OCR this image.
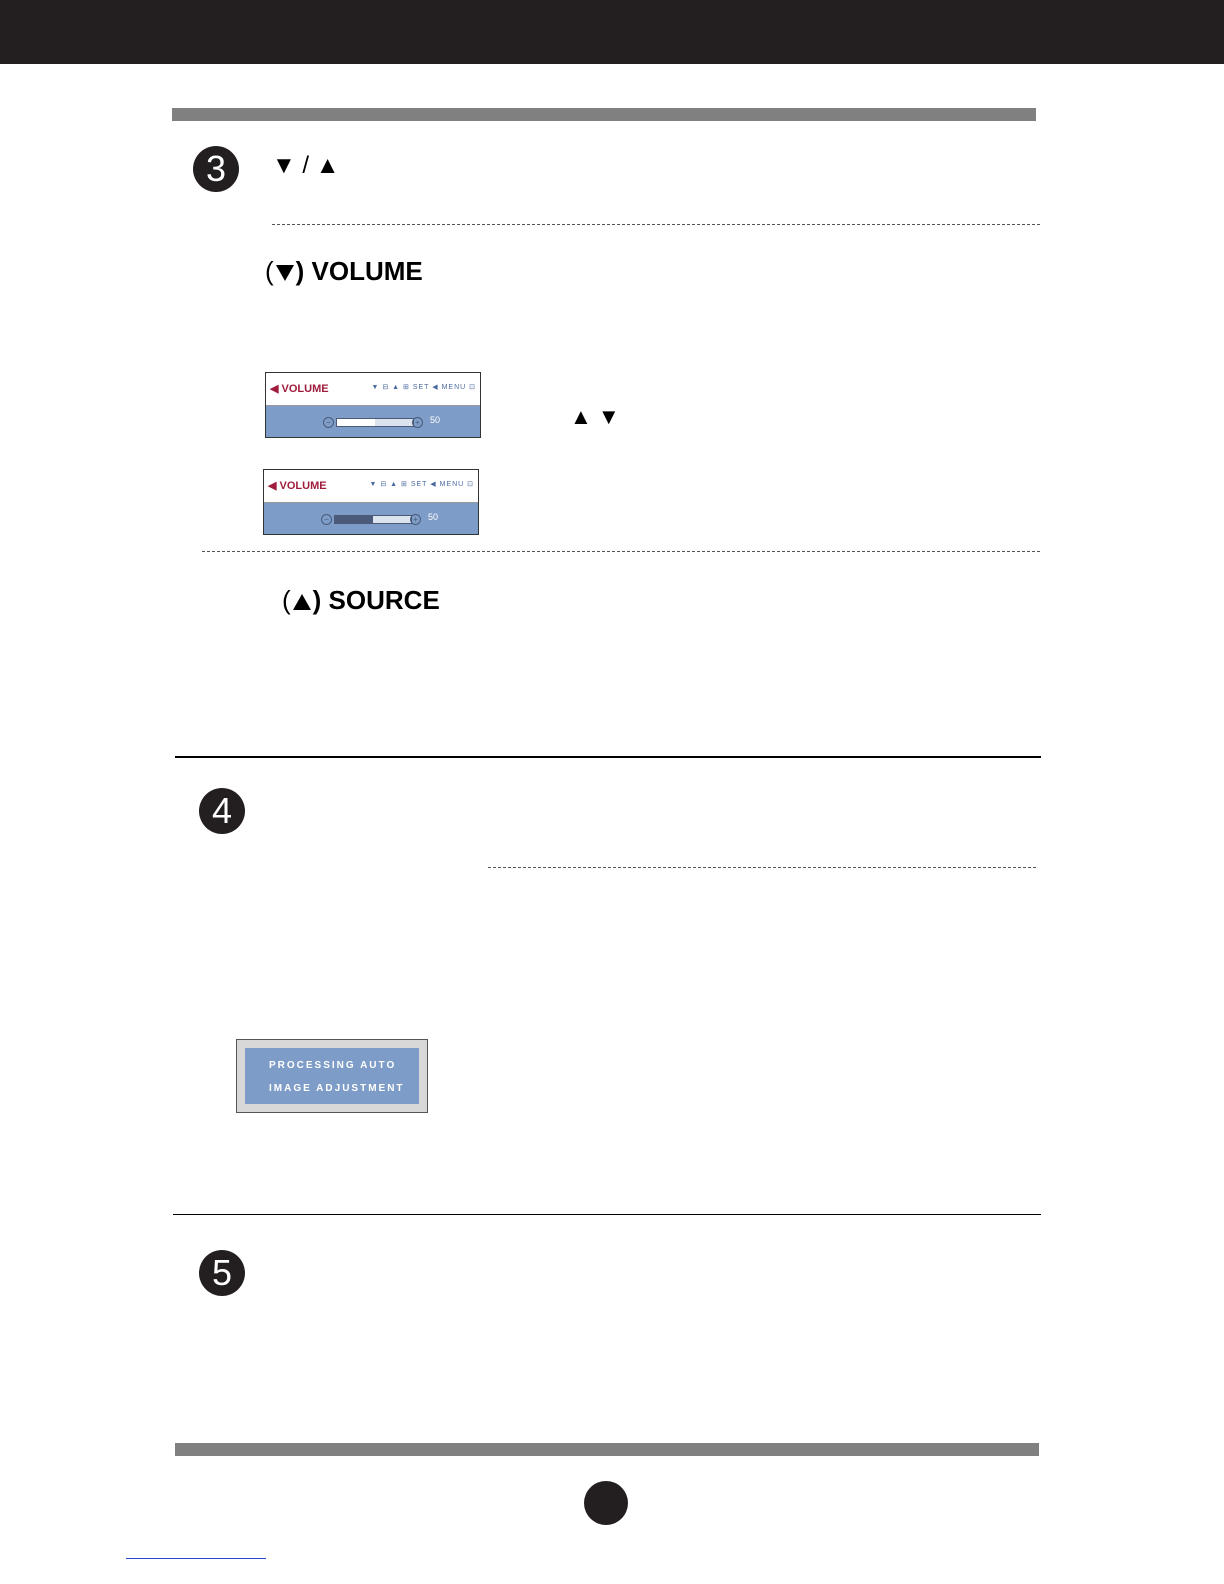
3	▼ / ▲
( ) VOLUME
◀ VOLUME	▼ ⊟ ▲ ⊞ SET ◀ MENU ⊡
−	+	50	▲ ▼
◀ VOLUME	▼ ⊟ ▲ ⊞ SET ◀ MENU ⊡
−	+	50
( ) SOURCE
4
PROCESSING AUTO
IMAGE ADJUSTMENT
5
